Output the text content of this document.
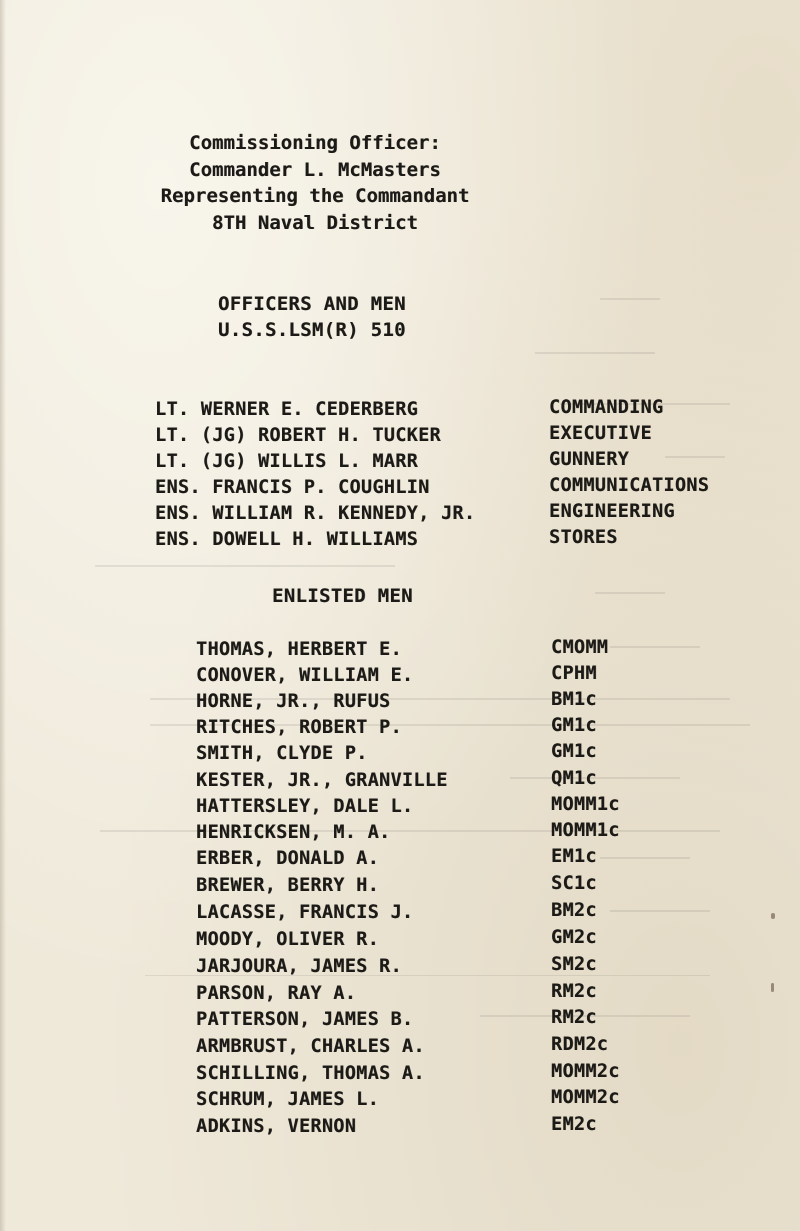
Commissioning Officer:
Commander L. McMasters
Representing the Commandant
8TH Naval District
OFFICERS AND MEN
U.S.S.LSM(R) 510
LT. WERNER E. CEDERBERG	COMMANDING
LT. (JG) ROBERT H. TUCKER	EXECUTIVE
LT. (JG) WILLIS L. MARR	GUNNERY
ENS. FRANCIS P. COUGHLIN	COMMUNICATIONS
ENS. WILLIAM R. KENNEDY, JR.	ENGINEERING
ENS. DOWELL H. WILLIAMS	STORES
ENLISTED MEN
THOMAS, HERBERT E.	CMOMM
CONOVER, WILLIAM E.	CPHM
HORNE, JR., RUFUS	BM1c
RITCHES, ROBERT P.	GM1c
SMITH, CLYDE P.	GM1c
KESTER, JR., GRANVILLE	QM1c
HATTERSLEY, DALE L.	MOMM1c
HENRICKSEN, M. A.	MOMM1c
ERBER, DONALD A.	EM1c
BREWER, BERRY H.	SC1c
LACASSE, FRANCIS J.	BM2c
MOODY, OLIVER R.	GM2c
JARJOURA, JAMES R.	SM2c
PARSON, RAY A.	RM2c
PATTERSON, JAMES B.	RM2c
ARMBRUST, CHARLES A.	RDM2c
SCHILLING, THOMAS A.	MOMM2c
SCHRUM, JAMES L.	MOMM2c
ADKINS, VERNON	EM2c
